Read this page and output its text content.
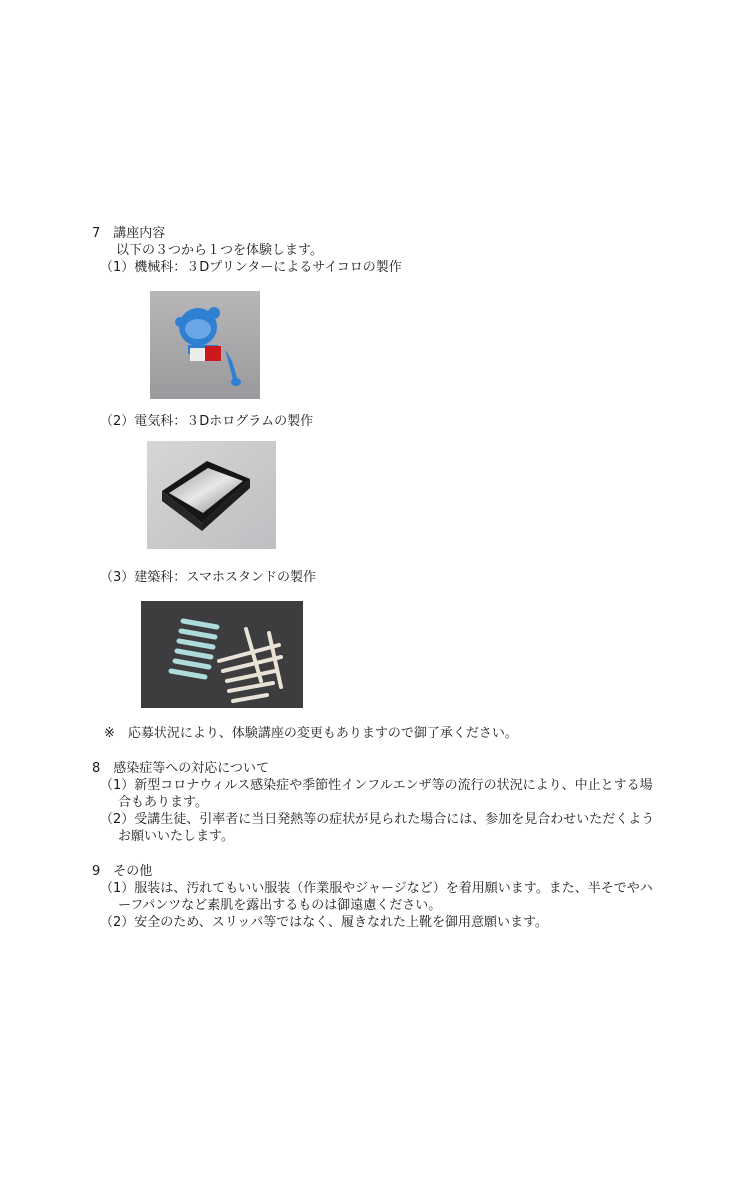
7　講座内容
以下の３つから１つを体験します。
（1）機械科：３Dプリンターによるサイコロの製作
（2）電気科：３Dホログラムの製作
（3）建築科：スマホスタンドの製作
※　応募状況により、体験講座の変更もありますので御了承ください。
8　感染症等への対応について
（1）新型コロナウィルス感染症や季節性インフルエンザ等の流行の状況により、中止とする場
合もあります。
（2）受講生徒、引率者に当日発熱等の症状が見られた場合には、参加を見合わせいただくよう
お願いいたします。
9　その他
（1）服装は、汚れてもいい服装（作業服やジャージなど）を着用願います。また、半そでやハ
ーフパンツなど素肌を露出するものは御遠慮ください。
（2）安全のため、スリッパ等ではなく、履きなれた上靴を御用意願います。
